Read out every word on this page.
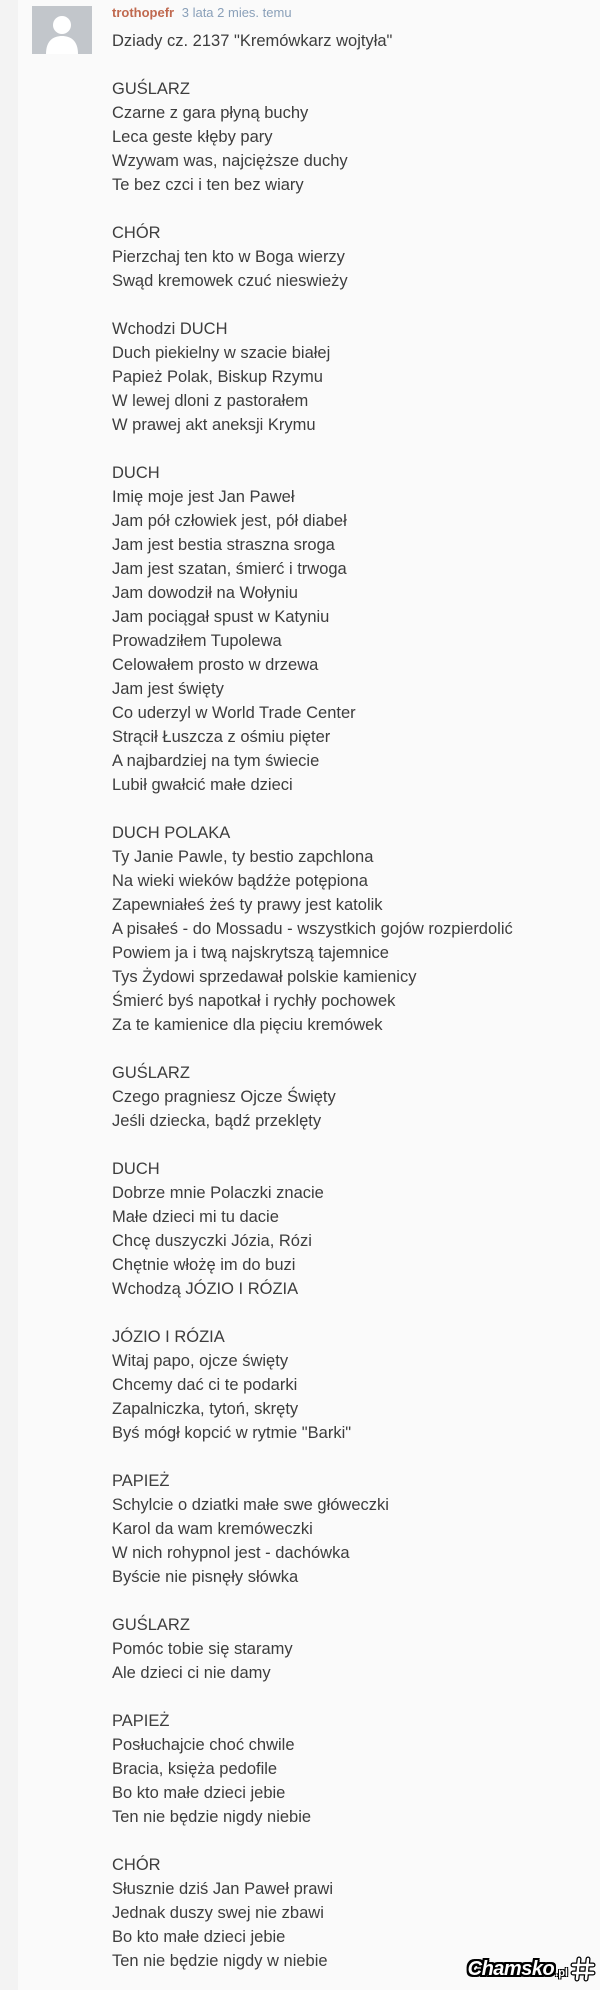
trothopefr 3 lata 2 mies. temu
Dziady cz. 2137 "Kremówkarz wojtyła"
GUŚLARZ
Czarne z gara płyną buchy
Leca geste kłęby pary
Wzywam was, najcięższe duchy
Te bez czci i ten bez wiary
CHÓR
Pierzchaj ten kto w Boga wierzy
Swąd kremowek czuć nieswieży
Wchodzi DUCH
Duch piekielny w szacie białej
Papież Polak, Biskup Rzymu
W lewej dloni z pastorałem
W prawej akt aneksji Krymu
DUCH
Imię moje jest Jan Paweł
Jam pół człowiek jest, pół diabeł
Jam jest bestia straszna sroga
Jam jest szatan, śmierć i trwoga
Jam dowodził na Wołyniu
Jam pociągał spust w Katyniu
Prowadziłem Tupolewa
Celowałem prosto w drzewa
Jam jest święty
Co uderzyl w World Trade Center
Strącił Łuszcza z ośmiu pięter
A najbardziej na tym świecie
Lubił gwałcić małe dzieci
DUCH POLAKA
Ty Janie Pawle, ty bestio zapchlona
Na wieki wieków bądźże potępiona
Zapewniałeś żeś ty prawy jest katolik
A pisałeś - do Mossadu - wszystkich gojów rozpierdolić
Powiem ja i twą najskrytszą tajemnice
Tys Żydowi sprzedawał polskie kamienicy
Śmierć byś napotkał i rychły pochowek
Za te kamienice dla pięciu kremówek
GUŚLARZ
Czego pragniesz Ojcze Święty
Jeśli dziecka, bądź przeklęty
DUCH
Dobrze mnie Polaczki znacie
Małe dzieci mi tu dacie
Chcę duszyczki Józia, Rózi
Chętnie włożę im do buzi
Wchodzą JÓZIO I RÓZIA
JÓZIO I RÓZIA
Witaj papo, ojcze święty
Chcemy dać ci te podarki
Zapalniczka, tytoń, skręty
Byś mógł kopcić w rytmie "Barki"
PAPIEŻ
Schylcie o dziatki małe swe główeczki
Karol da wam kremóweczki
W nich rohypnol jest - dachówka
Byście nie pisnęły słówka
GUŚLARZ
Pomóc tobie się staramy
Ale dzieci ci nie damy
PAPIEŻ
Posłuchajcie choć chwile
Bracia, księża pedofile
Bo kto małe dzieci jebie
Ten nie będzie nigdy niebie
CHÓR
Słusznie dziś Jan Paweł prawi
Jednak duszy swej nie zbawi
Bo kto małe dzieci jebie
Ten nie będzie nigdy w niebie	Chamsko .pl
